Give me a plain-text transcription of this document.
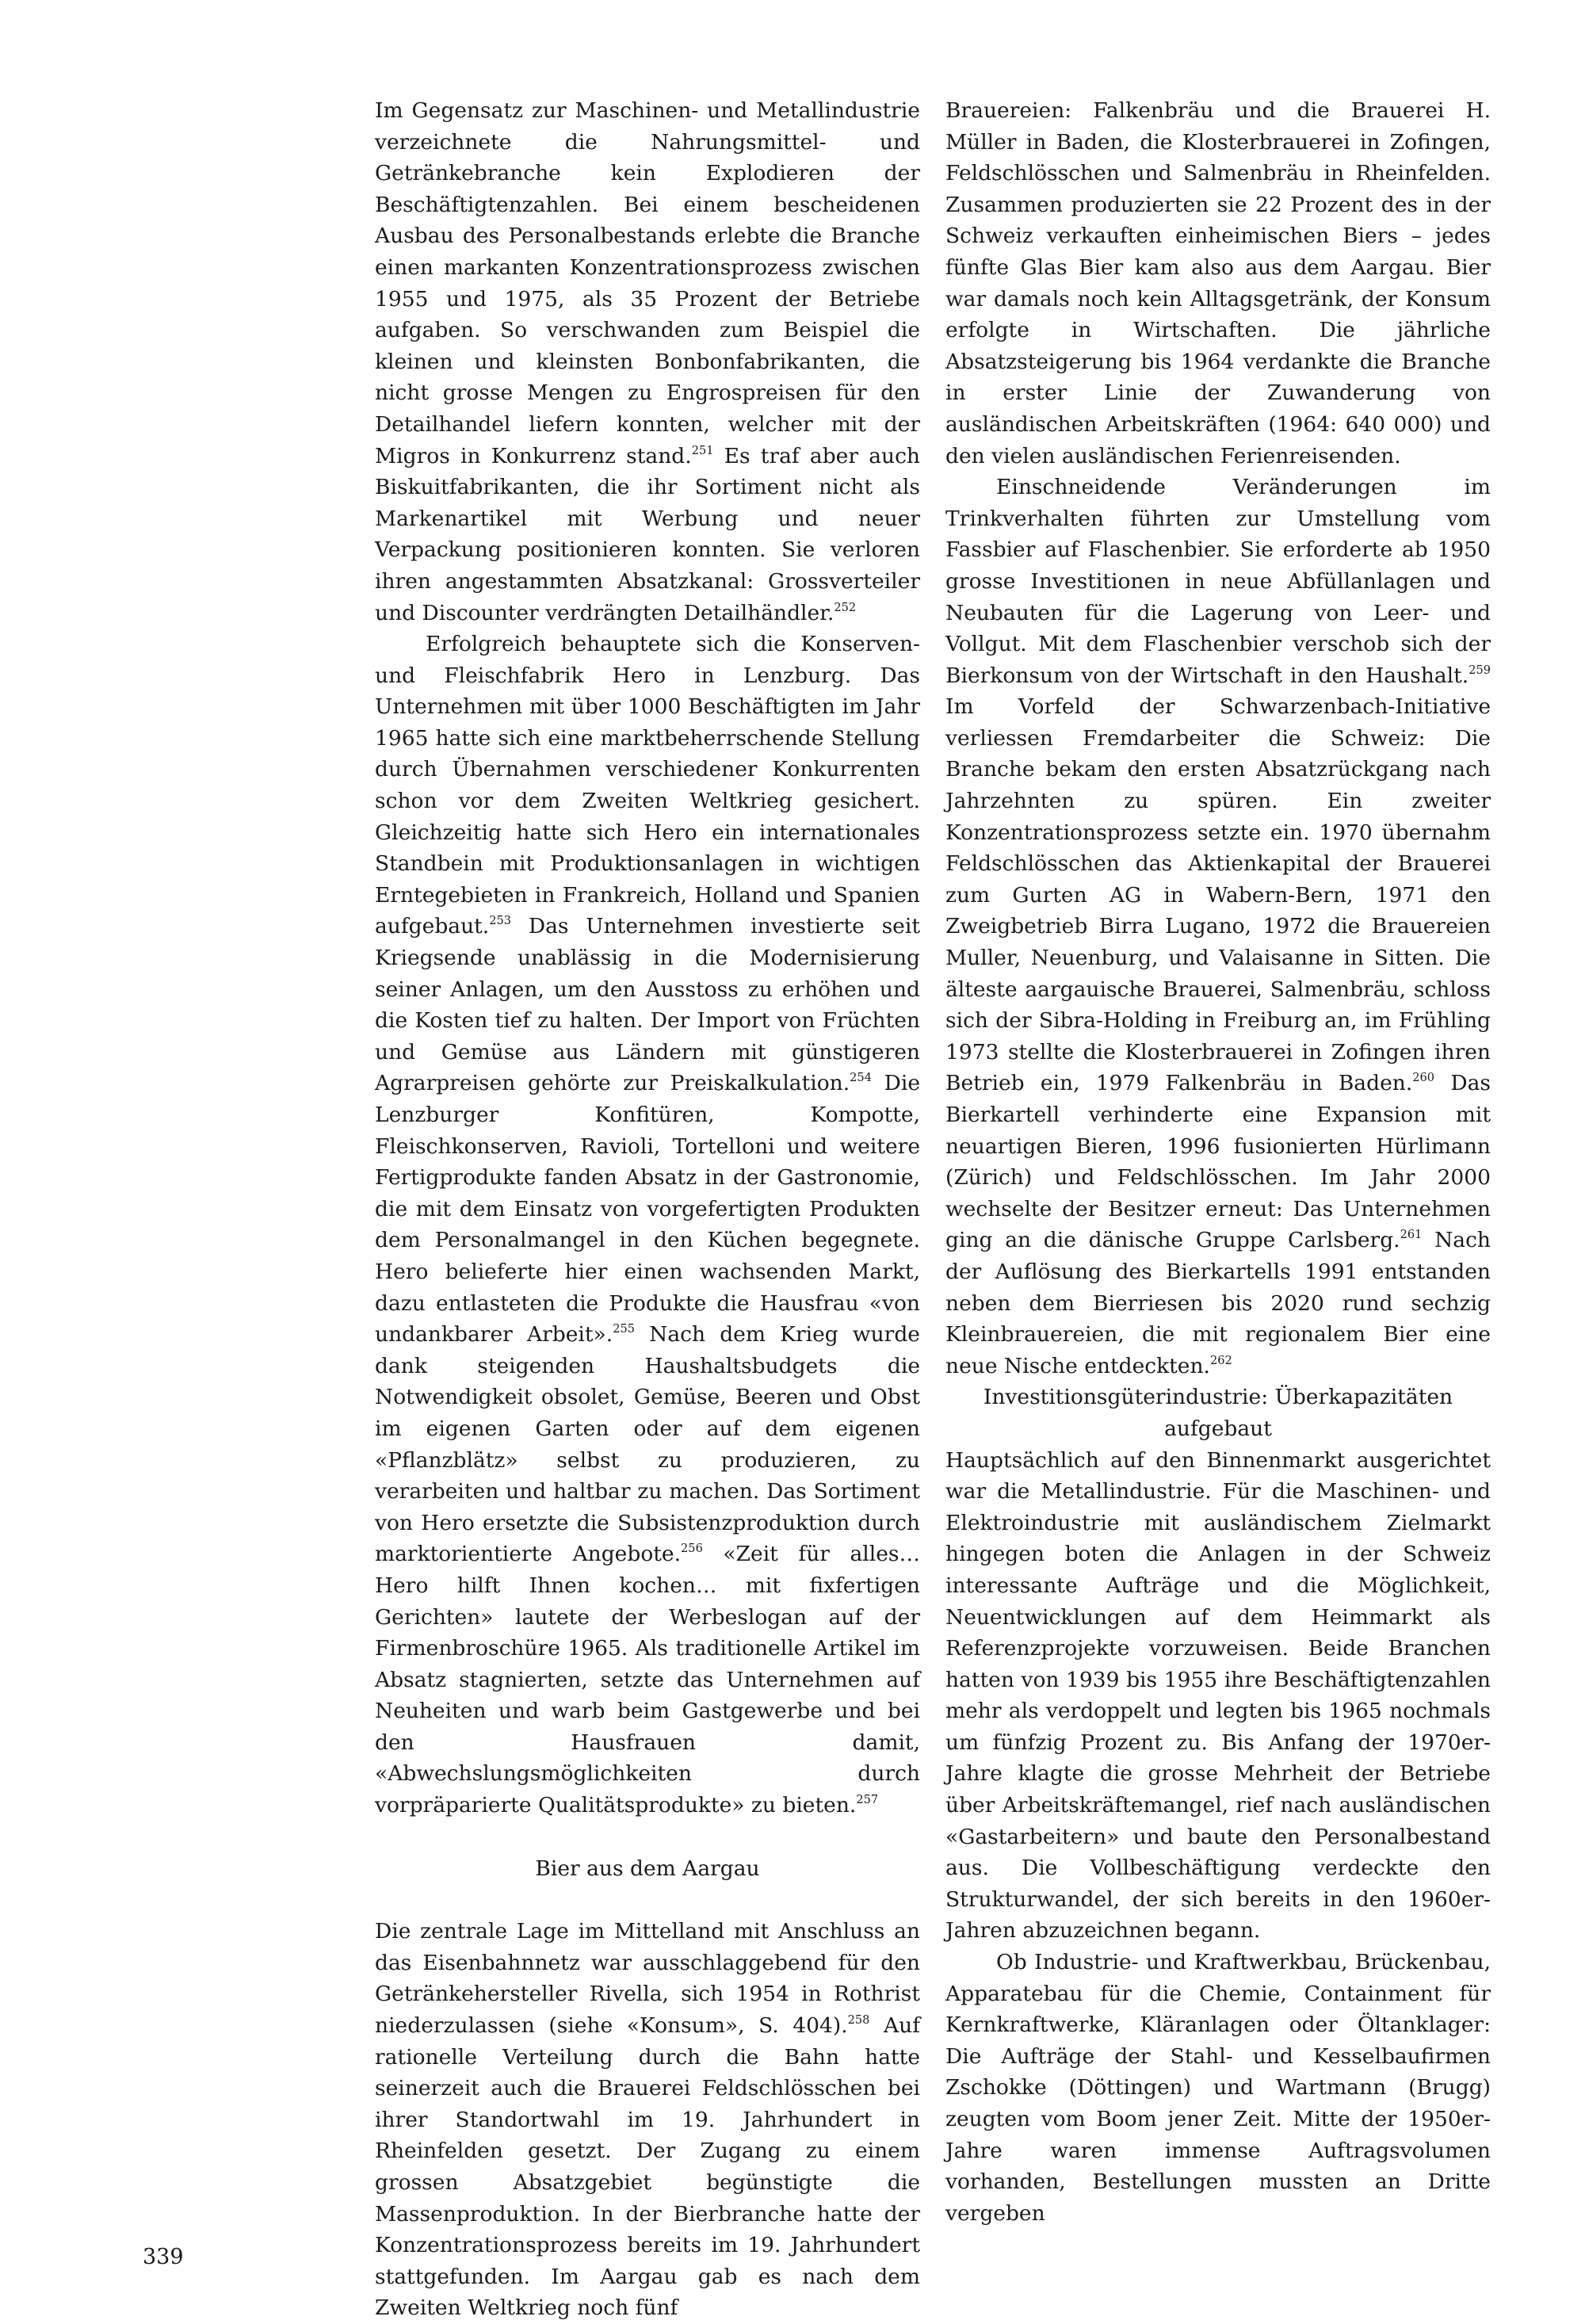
Im Gegensatz zur Maschinen- und Metallindustrie verzeichnete die Nahrungsmittel- und Getränkebranche kein Explodieren der Beschäftigtenzahlen. Bei einem bescheidenen Ausbau des Personalbestands erlebte die Branche einen markanten Konzentrationsprozess zwischen 1955 und 1975, als 35 Prozent der Betriebe aufgaben. So verschwanden zum Beispiel die kleinen und kleinsten Bonbonfabrikanten, die nicht grosse Mengen zu Engrospreisen für den Detailhandel liefern konnten, welcher mit der Migros in Konkurrenz stand.$^{251}$ Es traf aber auch Biskuitfabrikanten, die ihr Sortiment nicht als Markenartikel mit Werbung und neuer Verpackung positionieren konnten. Sie verloren ihren angestammten Absatzkanal: Grossverteiler und Discounter verdrängten Detailhändler.$^{252}$

Erfolgreich behauptete sich die Konserven- und Fleischfabrik Hero in Lenzburg. Das Unternehmen mit über 1000 Beschäftigten im Jahr 1965 hatte sich eine marktbeherrschende Stellung durch Übernahmen verschiedener Konkurrenten schon vor dem Zweiten Weltkrieg gesichert. Gleichzeitig hatte sich Hero ein internationales Standbein mit Produktionsanlagen in wichtigen Erntegebieten in Frankreich, Holland und Spanien aufgebaut.$^{253}$ Das Unternehmen investierte seit Kriegsende unablässig in die Modernisierung seiner Anlagen, um den Ausstoss zu erhöhen und die Kosten tief zu halten. Der Import von Früchten und Gemüse aus Ländern mit günstigeren Agrarpreisen gehörte zur Preiskalkulation.$^{254}$ Die Lenzburger Konfitüren, Kompotte, Fleischkonserven, Ravioli, Tortelloni und weitere Fertigprodukte fanden Absatz in der Gastronomie, die mit dem Einsatz von vorgefertigten Produkten dem Personalmangel in den Küchen begegnete. Hero belieferte hier einen wachsenden Markt, dazu entlasteten die Produkte die Hausfrau «von undankbarer Arbeit».$^{255}$ Nach dem Krieg wurde dank steigenden Haushaltsbudgets die Notwendigkeit obsolet, Gemüse, Beeren und Obst im eigenen Garten oder auf dem eigenen «Pflanzblätz» selbst zu produzieren, zu verarbeiten und haltbar zu machen. Das Sortiment von Hero ersetzte die Subsistenzproduktion durch marktorientierte Angebote.$^{256}$ «Zeit für alles… Hero hilft Ihnen kochen… mit fixfertigen Gerichten» lautete der Werbeslogan auf der Firmenbroschüre 1965. Als traditionelle Artikel im Absatz stagnierten, setzte das Unternehmen auf Neuheiten und warb beim Gastgewerbe und bei den Hausfrauen damit, «Abwechslungsmöglichkeiten durch vorpräparierte Qualitätsprodukte» zu bieten.$^{257}$

Bier aus dem Aargau

Die zentrale Lage im Mittelland mit Anschluss an das Eisenbahnnetz war ausschlaggebend für den Getränkehersteller Rivella, sich 1954 in Rothrist niederzulassen (siehe «Konsum», S. 404).$^{258}$ Auf rationelle Verteilung durch die Bahn hatte seinerzeit auch die Brauerei Feldschlösschen bei ihrer Standortwahl im 19. Jahrhundert in Rheinfelden gesetzt. Der Zugang zu einem grossen Absatzgebiet begünstigte die Massenproduktion. In der Bierbranche hatte der Konzentrationsprozess bereits im 19. Jahrhundert stattgefunden. Im Aargau gab es nach dem Zweiten Weltkrieg noch fünf

Brauereien: Falkenbräu und die Brauerei H. Müller in Baden, die Klosterbrauerei in Zofingen, Feldschlösschen und Salmenbräu in Rheinfelden. Zusammen produzierten sie 22 Prozent des in der Schweiz verkauften einheimischen Biers – jedes fünfte Glas Bier kam also aus dem Aargau. Bier war damals noch kein Alltagsgetränk, der Konsum erfolgte in Wirtschaften. Die jährliche Absatzsteigerung bis 1964 verdankte die Branche in erster Linie der Zuwanderung von ausländischen Arbeitskräften (1964: 640 000) und den vielen ausländischen Ferienreisenden.

Einschneidende Veränderungen im Trinkverhalten führten zur Umstellung vom Fassbier auf Flaschenbier. Sie erforderte ab 1950 grosse Investitionen in neue Abfüllanlagen und Neubauten für die Lagerung von Leer- und Vollgut. Mit dem Flaschenbier verschob sich der Bierkonsum von der Wirtschaft in den Haushalt.$^{259}$ Im Vorfeld der Schwarzenbach-Initiative verliessen Fremdarbeiter die Schweiz: Die Branche bekam den ersten Absatzrückgang nach Jahrzehnten zu spüren. Ein zweiter Konzentrationsprozess setzte ein. 1970 übernahm Feldschlösschen das Aktienkapital der Brauerei zum Gurten AG in Wabern-Bern, 1971 den Zweigbetrieb Birra Lugano, 1972 die Brauereien Muller, Neuenburg, und Valaisanne in Sitten. Die älteste aargauische Brauerei, Salmenbräu, schloss sich der Sibra-Holding in Freiburg an, im Frühling 1973 stellte die Klosterbrauerei in Zofingen ihren Betrieb ein, 1979 Falkenbräu in Baden.$^{260}$ Das Bierkartell verhinderte eine Expansion mit neuartigen Bieren, 1996 fusionierten Hürlimann (Zürich) und Feldschlösschen. Im Jahr 2000 wechselte der Besitzer erneut: Das Unternehmen ging an die dänische Gruppe Carlsberg.$^{261}$ Nach der Auflösung des Bierkartells 1991 entstanden neben dem Bierriesen bis 2020 rund sechzig Kleinbrauereien, die mit regionalem Bier eine neue Nische entdeckten.$^{262}$

Investitionsgüterindustrie: Überkapazitäten aufgebaut

Hauptsächlich auf den Binnenmarkt ausgerichtet war die Metallindustrie. Für die Maschinen- und Elektroindustrie mit ausländischem Zielmarkt hingegen boten die Anlagen in der Schweiz interessante Aufträge und die Möglichkeit, Neuentwicklungen auf dem Heimmarkt als Referenzprojekte vorzuweisen. Beide Branchen hatten von 1939 bis 1955 ihre Beschäftigtenzahlen mehr als verdoppelt und legten bis 1965 nochmals um fünfzig Prozent zu. Bis Anfang der 1970er-Jahre klagte die grosse Mehrheit der Betriebe über Arbeitskräftemangel, rief nach ausländischen «Gastarbeitern» und baute den Personalbestand aus. Die Vollbeschäftigung verdeckte den Strukturwandel, der sich bereits in den 1960er-Jahren abzuzeichnen begann.

Ob Industrie- und Kraftwerkbau, Brückenbau, Apparatebau für die Chemie, Containment für Kernkraftwerke, Kläranlagen oder Öltanklager: Die Aufträge der Stahl- und Kesselbaufirmen Zschokke (Döttingen) und Wartmann (Brugg) zeugten vom Boom jener Zeit. Mitte der 1950er-Jahre waren immense Auftragsvolumen vorhanden, Bestellungen mussten an Dritte vergeben

339
